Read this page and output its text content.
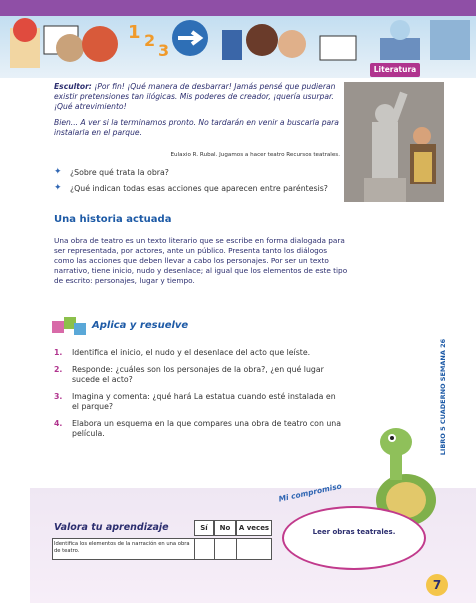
1 2
3
Literatura

Escultor: ¡Por fin! ¡Qué manera de desbarrar! Jamás pensé que pudieran existir pretensiones tan ilógicas. Mis poderes de creador, ¡quería usurpar. ¡Qué atrevimiento!

Bien... A ver si la terminamos pronto. No tardarán en venir a buscarla para instalarla en el parque.

Eulaxio R. Rubal. Jugamos a hacer teatro Recursos teatrales.
✦ ¿Sobre qué trata la obra?
✦ ¿Qué indican todas esas acciones que aparecen entre paréntesis?
Una historia actuada
Una obra de teatro es un texto literario que se escribe en forma dialogada para ser representada, por actores, ante un público. Presenta tanto los diálogos como las acciones que deben llevar a cabo los personajes. Por ser un texto narrativo, tiene inicio, nudo y desenlace; al igual que los elementos de este tipo de escrito: personajes, lugar y tiempo.
Aplica y resuelve
1. Identifica el inicio, el nudo y el desenlace del acto que leíste.
2. Responde: ¿cuáles son los personajes de la obra?, ¿en qué lugar sucede el acto?
3. Imagina y comenta: ¿qué hará La estatua cuando esté instalada en el parque?
4. Elabora un esquema en la que compares una obra de teatro con una película.	LIBRO 5 CUADERNO SEMANA 26
Valora tu aprendizaje	Sí	No	A veces
Identifica los elementos de la narración en una obra de teatro.
Mi compromiso
Leer obras teatrales.
7
